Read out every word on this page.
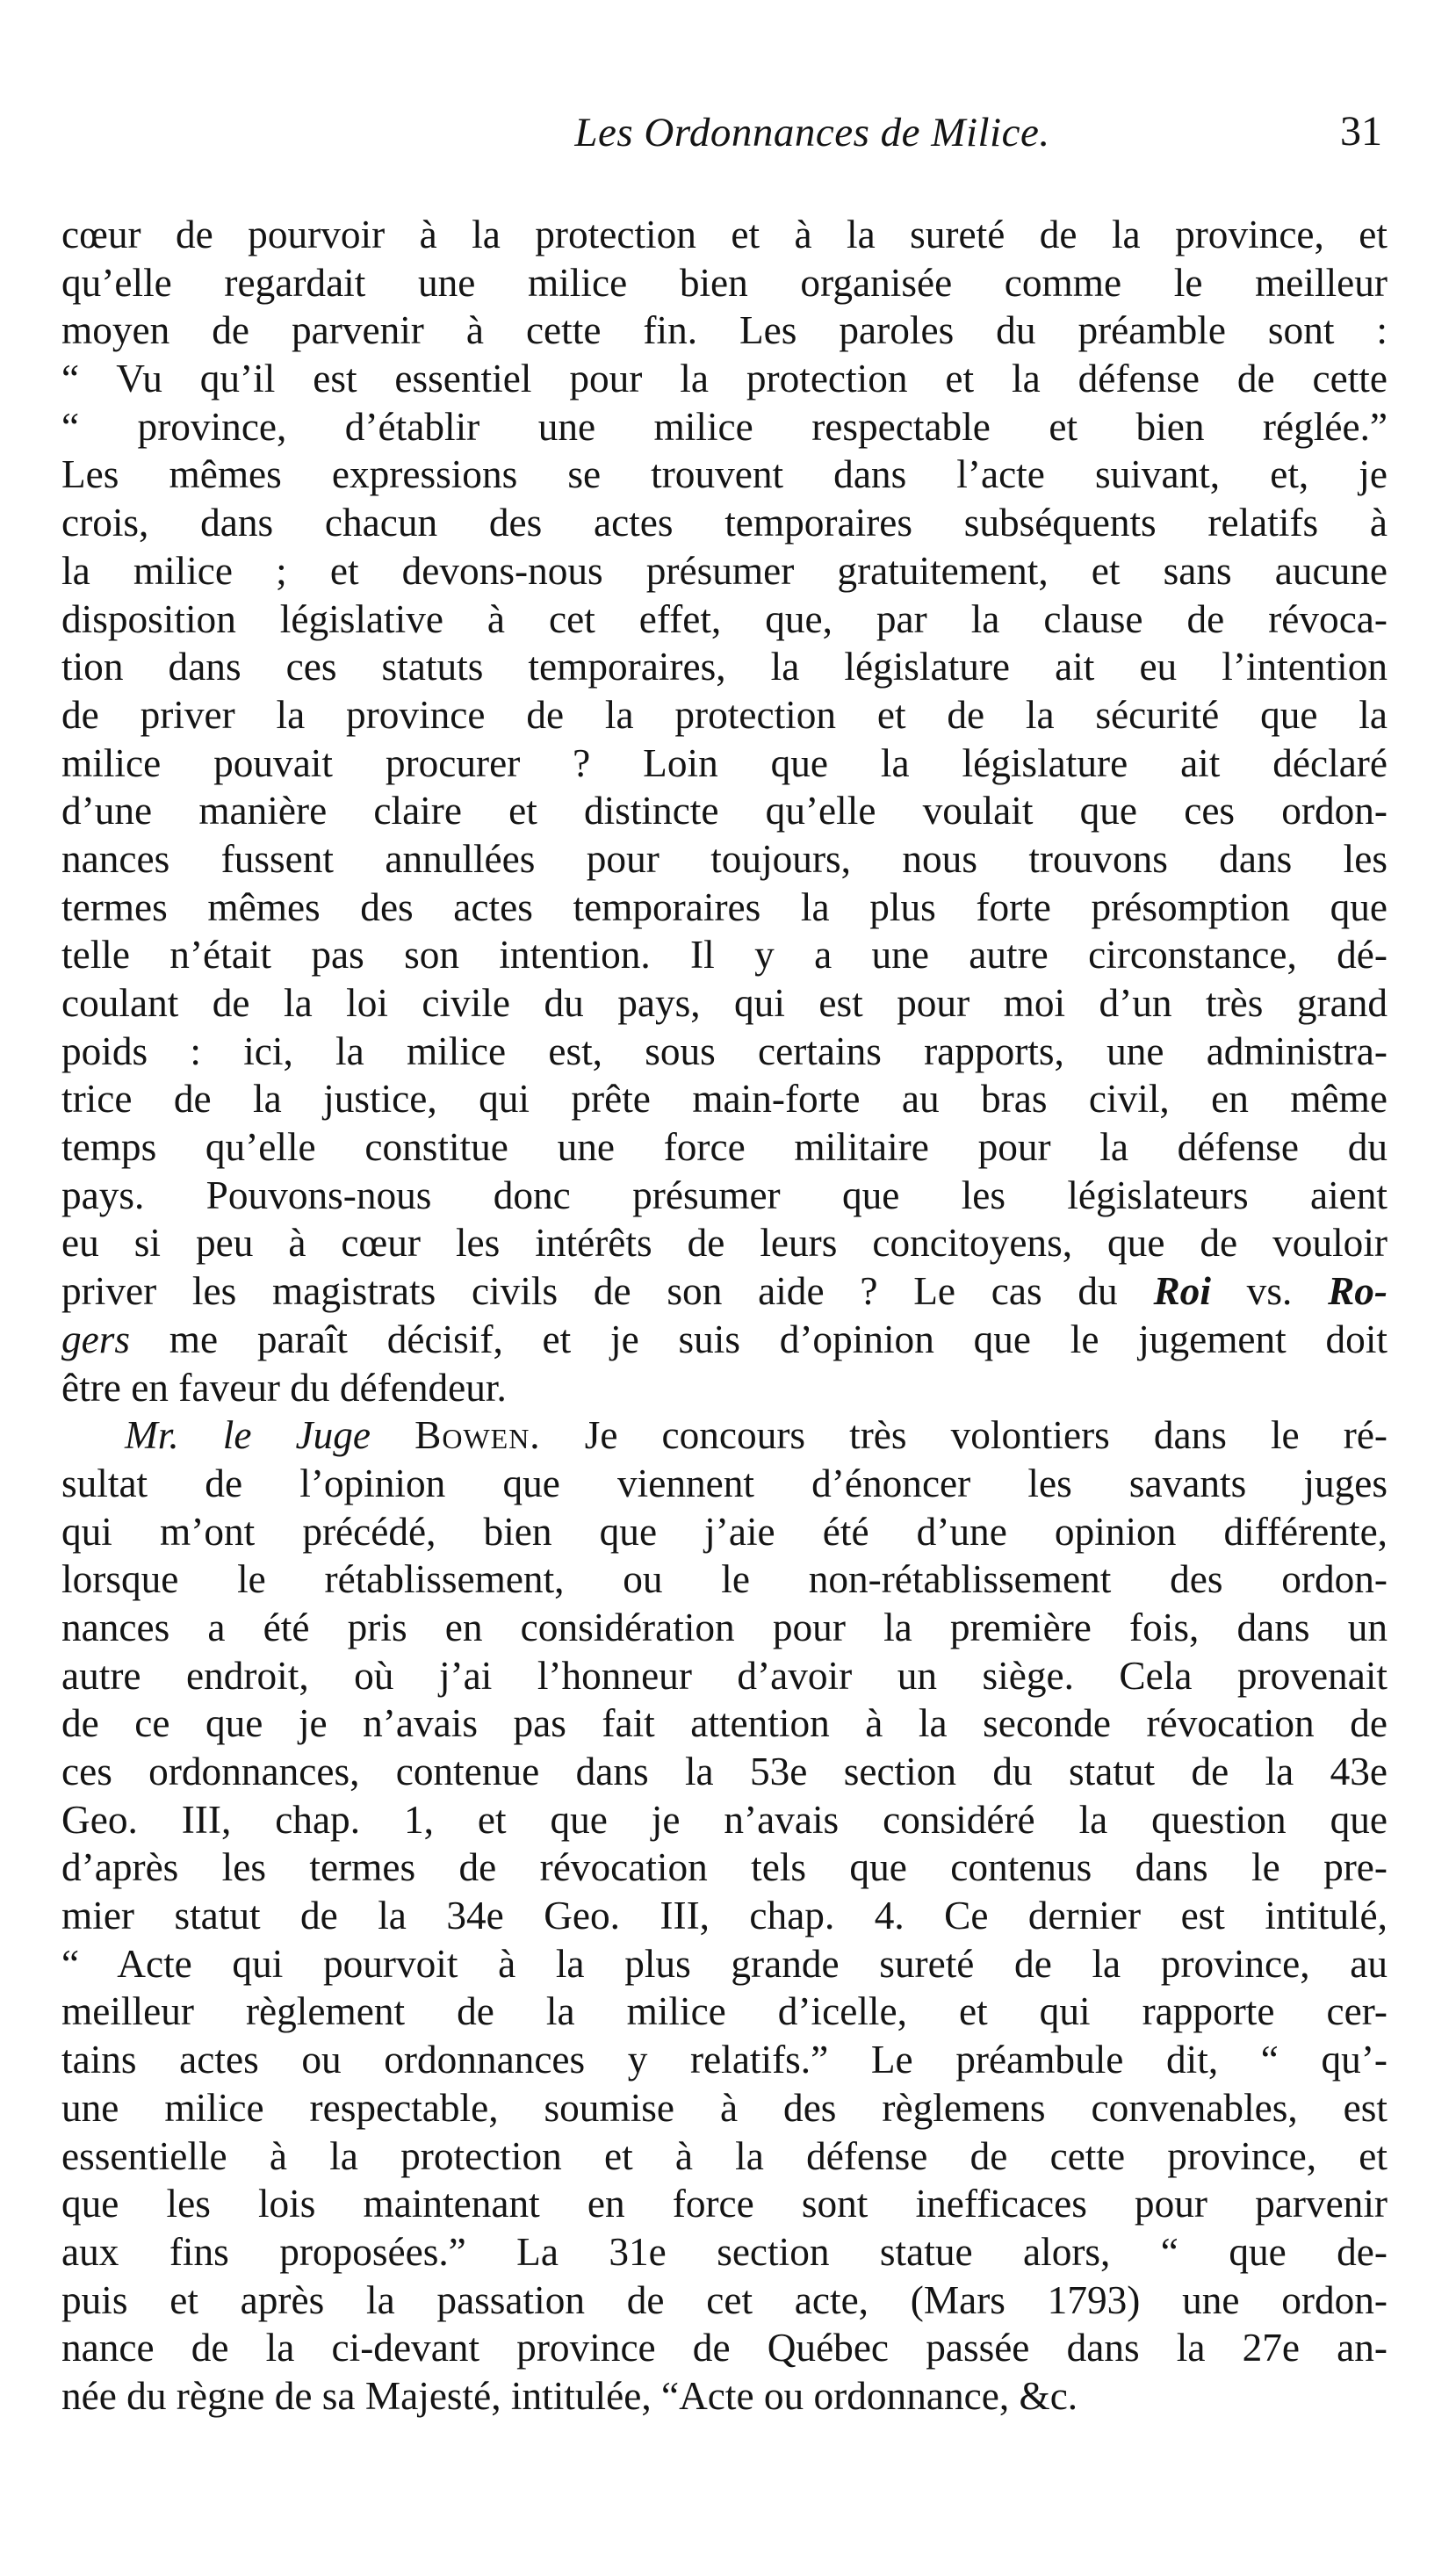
Les Ordonnances de Milice.	31
cœur de pourvoir à la protection et à la sureté de la province, et
qu’elle regardait une milice bien organisée comme le meilleur
moyen de parvenir à cette fin. Les paroles du préamble sont :
“ Vu qu’il est essentiel pour la protection et la défense de cette
“ province, d’établir une milice respectable et bien réglée.”
Les mêmes expressions se trouvent dans l’acte suivant, et, je
crois, dans chacun des actes temporaires subséquents relatifs à
la milice ; et devons-nous présumer gratuitement, et sans aucune
disposition législative à cet effet, que, par la clause de révoca-
tion dans ces statuts temporaires, la législature ait eu l’intention
de priver la province de la protection et de la sécurité que la
milice pouvait procurer ? Loin que la législature ait déclaré
d’une manière claire et distincte qu’elle voulait que ces ordon-
nances fussent annullées pour toujours, nous trouvons dans les
termes mêmes des actes temporaires la plus forte présomption que
telle n’était pas son intention. Il y a une autre circonstance, dé-
coulant de la loi civile du pays, qui est pour moi d’un très grand
poids : ici, la milice est, sous certains rapports, une administra-
trice de la justice, qui prête main-forte au bras civil, en même
temps qu’elle constitue une force militaire pour la défense du
pays. Pouvons-nous donc présumer que les législateurs aient
eu si peu à cœur les intérêts de leurs concitoyens, que de vouloir
priver les magistrats civils de son aide ? Le cas du Roi vs. Ro-
gers me paraît décisif, et je suis d’opinion que le jugement doit
être en faveur du défendeur.
Mr. le Juge Bowen. Je concours très volontiers dans le ré-
sultat de l’opinion que viennent d’énoncer les savants juges
qui m’ont précédé, bien que j’aie été d’une opinion différente,
lorsque le rétablissement, ou le non-rétablissement des ordon-
nances a été pris en considération pour la première fois, dans un
autre endroit, où j’ai l’honneur d’avoir un siège. Cela provenait
de ce que je n’avais pas fait attention à la seconde révocation de
ces ordonnances, contenue dans la 53e section du statut de la 43e
Geo. III, chap. 1, et que je n’avais considéré la question que
d’après les termes de révocation tels que contenus dans le pre-
mier statut de la 34e Geo. III, chap. 4. Ce dernier est intitulé,
“ Acte qui pourvoit à la plus grande sureté de la province, au
meilleur règlement de la milice d’icelle, et qui rapporte cer-
tains actes ou ordonnances y relatifs.” Le préambule dit, “ qu’-
une milice respectable, soumise à des règlemens convenables, est
essentielle à la protection et à la défense de cette province, et
que les lois maintenant en force sont inefficaces pour parvenir
aux fins proposées.” La 31e section statue alors, “ que de-
puis et après la passation de cet acte, (Mars 1793) une ordon-
nance de la ci-devant province de Québec passée dans la 27e an-
née du règne de sa Majesté, intitulée, “Acte ou ordonnance, &c.
